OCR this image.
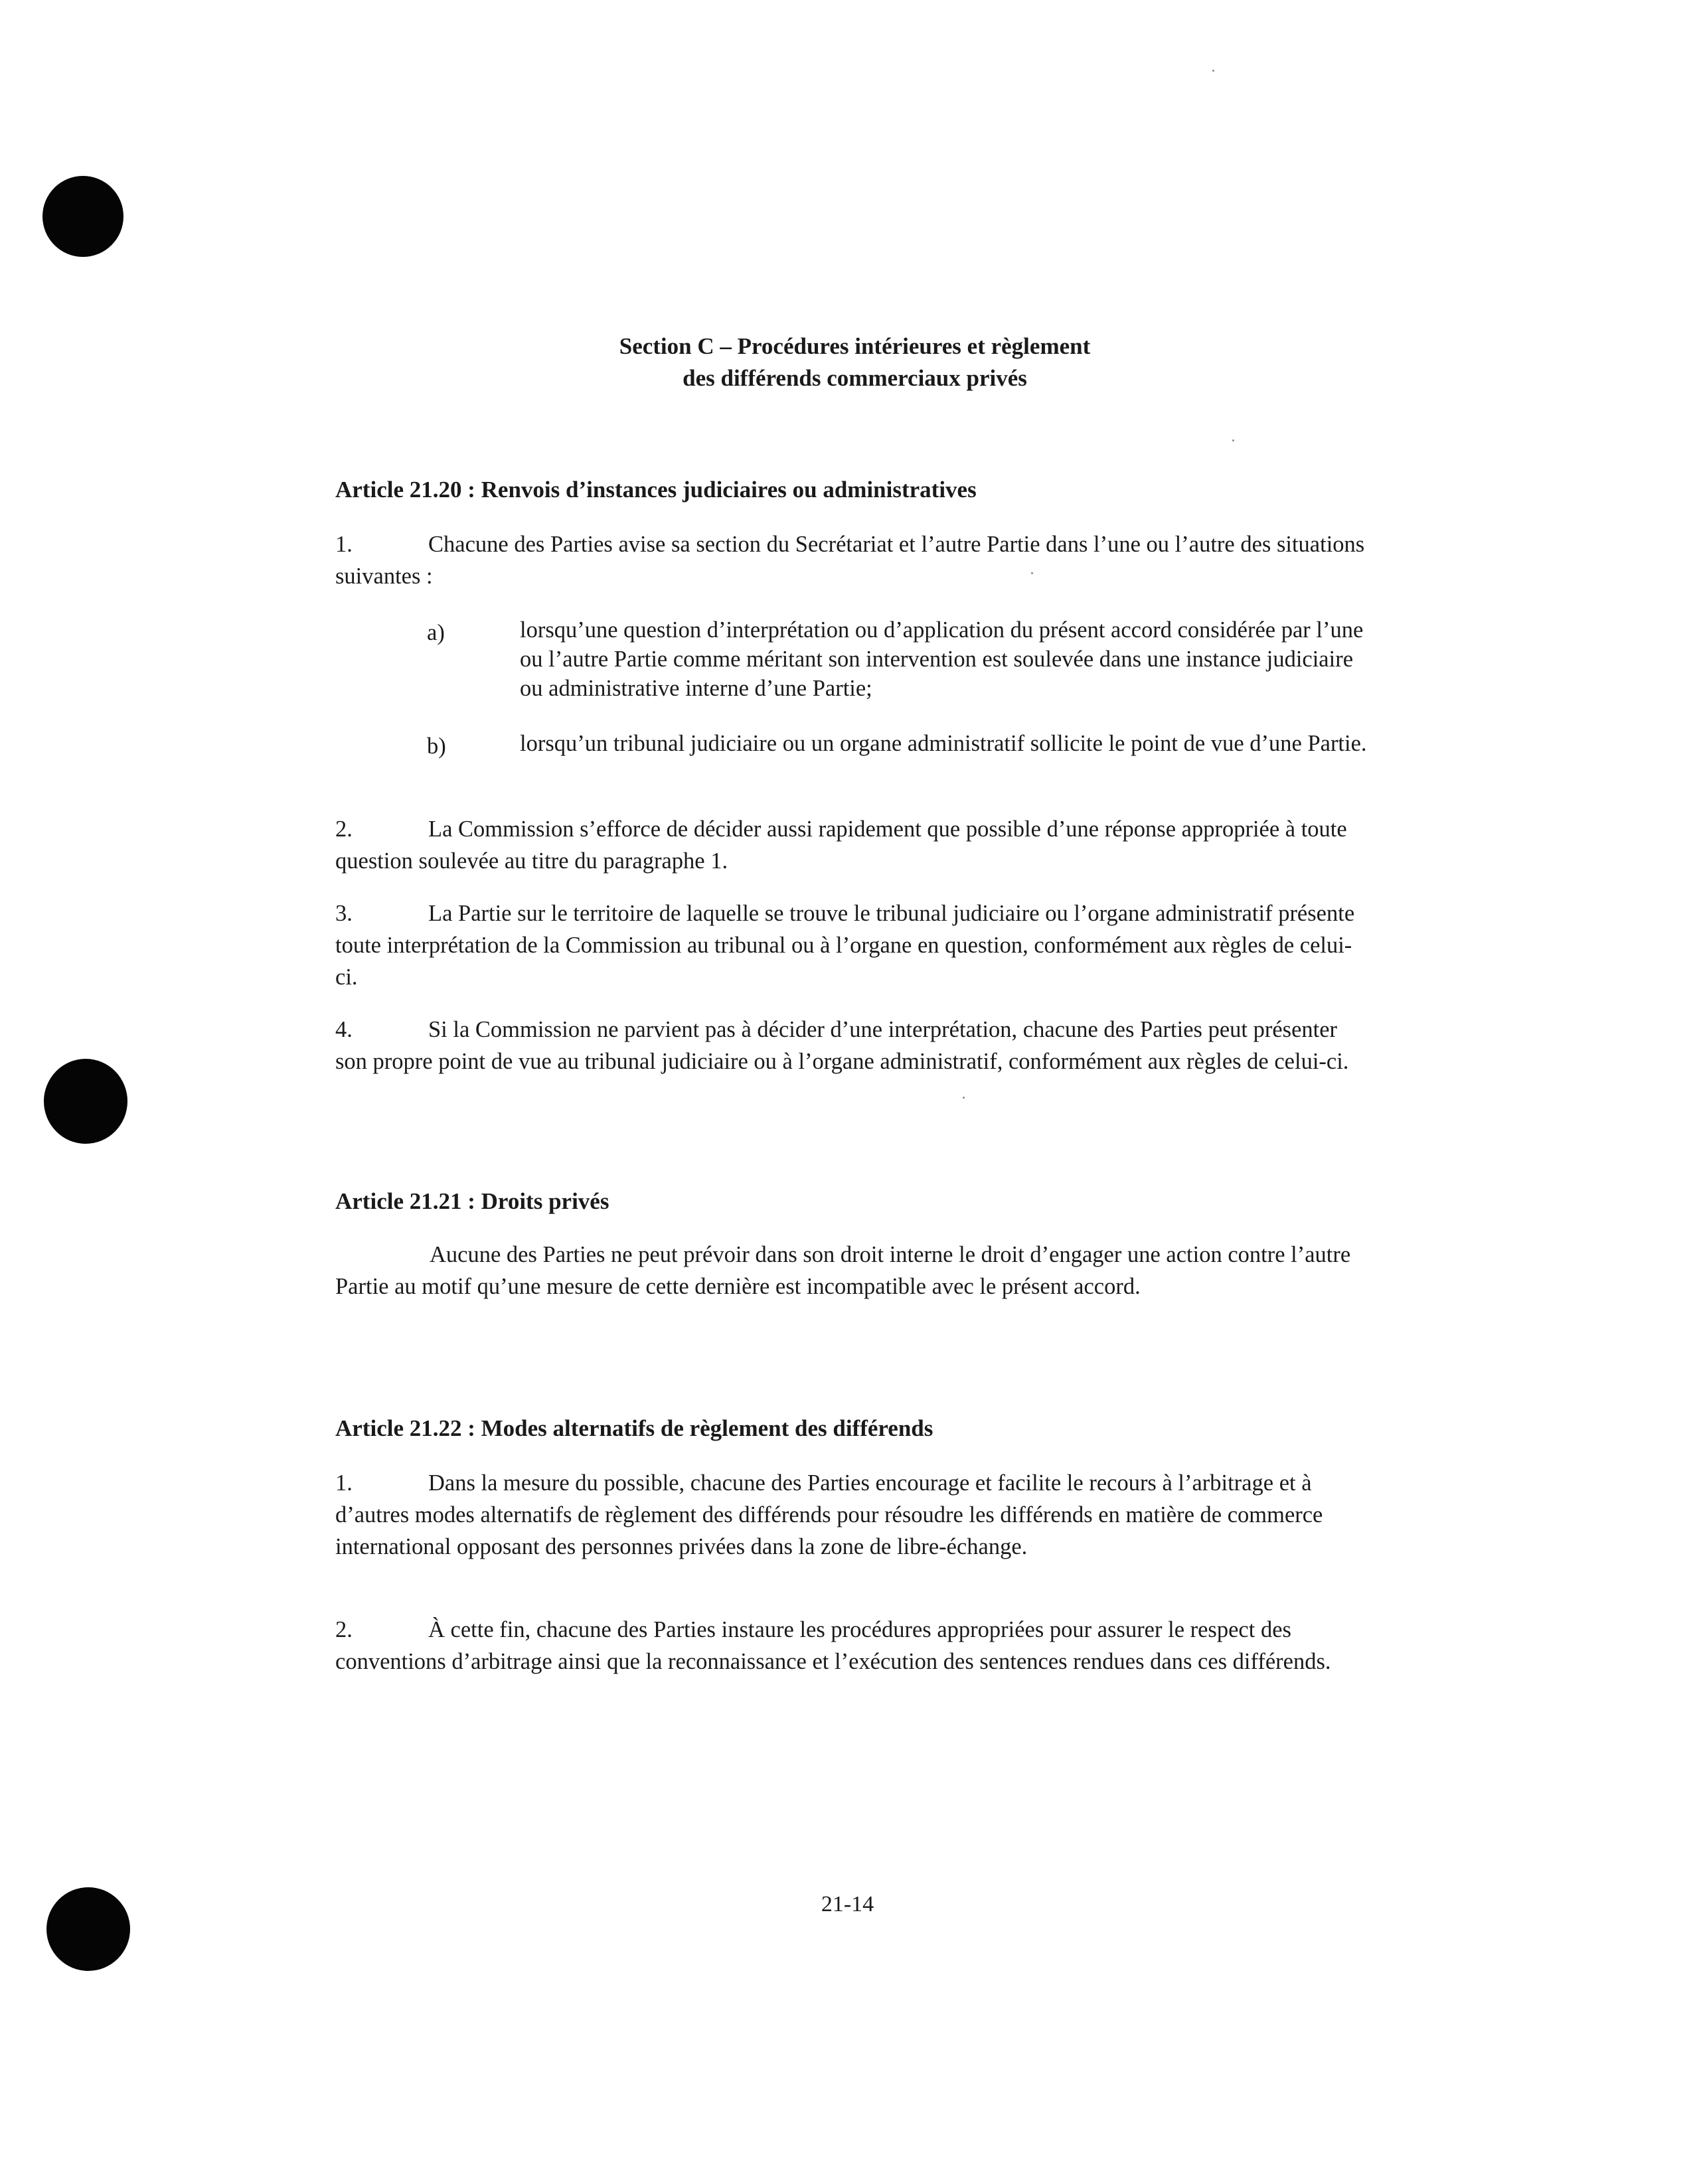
Section C – Procédures intérieures et règlement
des différends commerciaux privés
Article 21.20 : Renvois d’instances judiciaires ou administratives
1.	Chacune des Parties avise sa section du Secrétariat et l’autre Partie dans l’une ou l’autre des situations suivantes :
a)	lorsqu’une question d’interprétation ou d’application du présent accord considérée par l’une ou l’autre Partie comme méritant son intervention est soulevée dans une instance judiciaire ou administrative interne d’une Partie;
b)	lorsqu’un tribunal judiciaire ou un organe administratif sollicite le point de vue d’une Partie.
2.	La Commission s’efforce de décider aussi rapidement que possible d’une réponse appropriée à toute question soulevée au titre du paragraphe 1.
3.	La Partie sur le territoire de laquelle se trouve le tribunal judiciaire ou l’organe administratif présente toute interprétation de la Commission au tribunal ou à l’organe en question, conformément aux règles de celui-ci.
4.	Si la Commission ne parvient pas à décider d’une interprétation, chacune des Parties peut présenter son propre point de vue au tribunal judiciaire ou à l’organe administratif, conformément aux règles de celui-ci.
Article 21.21 : Droits privés
Aucune des Parties ne peut prévoir dans son droit interne le droit d’engager une action contre l’autre Partie au motif qu’une mesure de cette dernière est incompatible avec le présent accord.
Article 21.22 : Modes alternatifs de règlement des différends
1.	Dans la mesure du possible, chacune des Parties encourage et facilite le recours à l’arbitrage et à d’autres modes alternatifs de règlement des différends pour résoudre les différends en matière de commerce international opposant des personnes privées dans la zone de libre-échange.
2.	À cette fin, chacune des Parties instaure les procédures appropriées pour assurer le respect des conventions d’arbitrage ainsi que la reconnaissance et l’exécution des sentences rendues dans ces différends.
21-14
